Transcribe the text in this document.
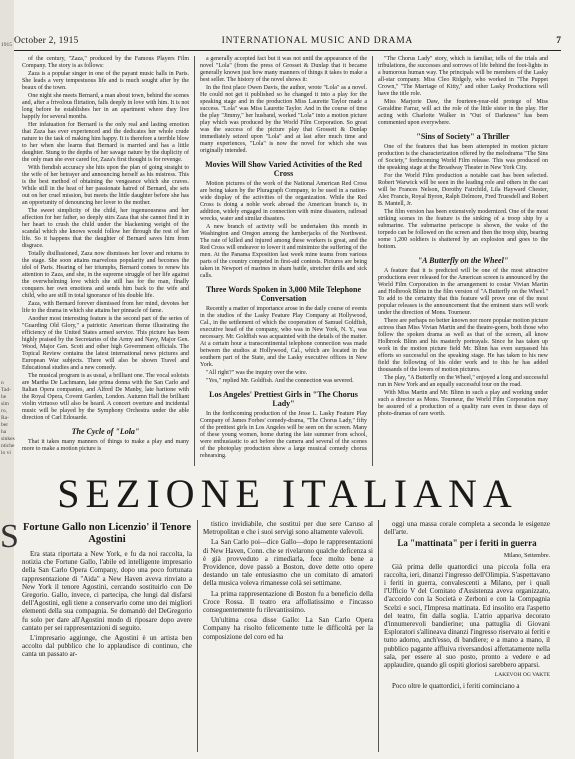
1915
n Tad-
he sim
ro, Ra-
ber ha
sinkes
ntiche
lo vi
S
October 2, 1915	INTERNATIONAL MUSIC AND DRAMA	7

of the century, "Zaza," produced by the Famous Players Film Company. The story is as follows:

Zaza is a popular singer in one of the payant music halls in Paris. She leads a very tempestuous life and is much sought after by the beaux of the town.

One night she meets Bernard, a man about town, behind the scenes and, after a frivolous flirtation, falls deeply in love with him. It is not long before he establishes her in an apartment where they live happily for several months.

Her infatuation for Bernard is the only real and lasting emotion that Zaza has ever experienced and the dedicates her whole crude nature to the task of making him happy. It is therefore a terrible blow to her when she learns that Bernard is married and has a little daughter. Stung to the depths of her savage nature by the duplicity of the only man she ever cared for, Zaza's first thought is for revenge.

With fiendish accuracy she hits upon the plan of going straight to the wife of her betrayer and announcing herself as his mistress. This is the best method of obtaining the vengeance which she craves. While still in the heat of her passionate hatred of Bernard, she sets out on her cruel mission, but meets the little daughter before she has an opportunity of denouncing her lover to the mother.

The sweet simplicity of the child, her ingenuousness and her affection for her father, so deeply stirs Zaza that she cannot find it in her heart to crush the child under the blackening weight of the scandal which she knows would follow her through the rest of her life. So it happens that the daughter of Bernard saves him from disgrace.

Totally disillusioned, Zaza now dismisses her lover and returns to the stage. She soon attains marvelous popularity and becomes the idol of Paris. Hearing of her triumphs, Bernard comes to renew his attention to Zaza, and she, in the supreme struggle of her life against the overwhelming love which she still has for the man, finally conquers her own emotions and sends him back to the wife and child, who are still in total ignorance of his double life.

Zaza, with Bernard forever dismissed from her mind, devotes her life to the drama in which she attains her pinnacle of fame.

Another most interesting feature is the second part of the series of "Guarding Old Glory," a patriotic American theme illustrating the efficiency of the United States armed service. This picture has been highly praised by the Secretaries of the Army and Navy, Major Gen. Wood, Major Gen. Scott and other high Government officials. The Topical Review contains the latest international news pictures and European War subjects. There will also be shown Travel and Educational studies and a new comedy.

The musical program is as usual, a brilliant one. The vocal soloists are Martha De Lachmann, late prima donna with the San Carlo and Italian Opera companies, and Alfred De Manby, late baritone with the Royal Opera, Covent Garden, London. Autumn Hall the brilliant violin virtuoso will also be heard. A concert overture and incidental music will be played by the Symphony Orchestra under the able direction of Carl Edouarde.

The Cycle of "Lola"

That it takes many manners of things to make a play and many more to make a motion picture is

a generally accepted fact but it was not until the appearance of the novel "Lola" (from the press of Grosset & Dunlap that it became generally known just how many manners of things it takes to make a best seller. The history of the novel shows it:

In the first place Owen Davis, the author, wrote "Lola" as a novel. He could not get it published so he changed it into a play for the speaking stage and in the production Miss Laurette Taylor made a success. "Lola" was Miss Laurette Taylor. And in the course of time the play "Jimmy," her husband, worked "Lola" into a motion picture play which was produced by the World Film Corporation. So great was the success of the picture play that Grossett & Dunlap immediately seized upon "Lola" and at last after much time and many experiences, "Lola" is now the novel for which she was originally intended.

Movies Will Show Varied Activities of the Red Cross

Motion pictures of the work of the National American Red Cross are being taken by the Pluragraph Company, to be used in a nation-wide display of the activities of the organization. While the Red Cross is doing a noble work abroad the American branch is, in addition, widely engaged in connection with mine disasters, railroad wrecks, water and similar disasters.

A new branch of activity will be undertaken this month in Washington and Oregon among the lumberjacks of the Northwest. The rate of killed and injured among these workers is great, and the Red Cross will endeavor to lower it and minimize the suffering of the men. At the Panama Exposition last week mine teams from various parts of the country competed in first-aid contests. Pictures are being taken in Newport of marines in sham battle, stretcher drills and sick calls.

Three Words Spoken in 3,000 Mile Telephone Conversation

Recently a matter of importance arose in the daily course of events in the studios of the Lasky Feature Play Company at Hollywood, Cal., in the settlement of which the cooperation of Samuel Goldfish, executive head of the company, who was in New York, N. Y., was necessary. Mr. Goldfish was acquainted with the details of the matter. At a certain hour a transcontinental telephone connection was made between the studios at Hollywood, Cal., which are located in the southern part of the State, and the Lasky executive offices in New York.

"All right?" was the inquiry over the wire.

"Yes," replied Mr. Goldfish. And the connection was severed.

Los Angeles' Prettiest Girls in "The Chorus Lady"

In the forthcoming production of the Jesse L. Lasky Feature Play Company of James Forbes' comedy-drama, "The Chorus Lady," fifty of the prettiest girls in Los Angeles will be seen on the screen. Many of these young women, home during the late summer from school, were enthusiastic to act before the camera and several of the scenes of the photoplay production show a large musical comedy chorus rehearsing.

"The Chorus Lady" story, which is familiar, tells of the trials and tribulations, the successes and sorrows of life behind the foot-lights in a humorous human way. The principals will be members of the Lasky all-star company. Miss Cleo Ridgely, who worked in "The Puppet Crown," "The Marriage of Kitty," and other Lasky Productions will have the title role.

Miss Marjorie Daw, the fourteen-year-old protege of Miss Geraldine Farrar, will act the role of the little sister in the play. Her acting with Charlotte Walker in "Out of Darkness" has been commented upon everywhere.

"Sins of Society" a Thriller

One of the features that has been attempted in motion picture production is the characterization offered by the melodrama "The Sins of Society," forthcoming World Film release. This was produced on the speaking stage at the Broadway Theater in New York City.

For the World Film production a notable cast has been selected. Robert Warwick will be seen in the leading role and others in the cast will be Frances Nelson, Dorothy Fairchild, Lila Hayward Chester, Alec Francis, Royal Byron, Ralph Delmore, Fred Truesdell and Robert B. Mantell, Jr.

The film version has been extensively modernized. One of the most striking scenes in the feature is the sinking of a troop ship by a submarine. The submarine periscope is shown, the wake of the torpedo can be followed on the screen and then the troop ship, bearing some 1,200 soldiers is shattered by an explosion and goes to the bottom.

"A Butterfly on the Wheel"

A feature that it is predicted will be one of the most attractive productions ever released for the American screen is announced by the World Film Corporation in the arrangement to costar Vivian Martin and Holbrook Blinn in the film version of "A Butterfly on the Wheel." To add to the certainty that this feature will prove one of the most popular releases is the announcement that the eminent stars will work under the direction of Mons. Tourneur.

There are perhaps no better known nor more popular motion picture actress than Miss Vivian Martin and the theatre-goers, both those who follow the spoken drama as well as that of the screen, all know Holbrook Blinn and his masterly portrayals. Since he has taken up work in the motion picture field Mr. Blinn has even surpassed his efforts so successful on the speaking stage. He has taken to his new field the following of his older work and to this he has added thousands of the lovers of motion pictures.

The play, "A Butterfly on the Wheel," enjoyed a long and successful run in New York and an equally successful tour on the road.

With Miss Martin and Mr. Blinn in such a play and working under such a director as Mons. Tourneur, the World Film Corporation may be assured of a production of a quality rare even in these days of photo-dramas of rare worth.

SEZIONE ITALIANA
Fortune Gallo non Licenzio' il Tenore Agostini

Era stata riportata a New York, e fu da noi raccolta, la notizia che Fortune Gallo, l'abile ed intelligente impresario della San Carlo Opera Company, dopo una poco fortunata rappresentazione di "Aida" a New Haven aveva rinviato a New York il tenore Agostini, cercando sostituirlo con De Gregorio. Gallo, invece, ci partecipa, che lungi dal disfarsi dell'Agostini, egli tiene a conservarlo come uno dei migliori elementi della sua compagnia. Se domandò del DeGregorio fu solo per dare all'Agostini modo di riposare dopo avere cantato per sei rappresentazioni di seguito.

L'impresario aggiunge, che Agostini è un artista ben accolto dal pubblico che lo applaudisce di continuo, che canta un passato ar-

tistico invidiabile, che sostitui per due sere Caruso al Metropolitan e che i suoi servigi sono altamente valevoli.

La San Carlo poi—dice Gallo—dopo le rappresentazioni di New Haven, Conn. che se rivelarono qualche deficenza si è già provveduto a rimediarla, fece molto bene a Providence, dove passò a Boston, dove dette otto opere destando un tale entusiasmo che un comitato di amatori della musica voleva rimanesse colà sei settimane.

La prima rappresentazione di Boston fu a beneficio della Croce Rossa. Il teatro era affollatissimo e l'incasso conseguentemente fu rilevantissimo.

Un'ultima cosa disse Gallo: La San Carlo Opera Company ha risolto felicemente tutte le difficoltà per la composizione del coro ed ha

oggi una massa corale completa a seconda le esigenze dell'arte.

La "mattinata" per i feriti in guerra
Milano, Settembre.

Già prima delle quattordici una piccola folla era raccolta, ieri, dinanzi l'ingresso dell'Olimpia. S'aspettavano i feriti in guerra, convalescenti a Milano, per i quali l'Ufficio V del Comitato d'Assistenza aveva organizzato, d'accordo con la Società e Zerboni e con la Compagnia Scelzi e soci, l'Impresa mattinata. Ed insolito era l'aspetto del teatro, fin dalla soglia. L'atrio appariva decorato d'innumerevoli bandierine; una pattuglia di Giovani Esploratori s'allineava dinanzi l'ingresso riservato ai feriti e tutto adorno, anch'esso, di bandiere; e a mano a mano, il pubblico pagante affluiva riversandosi affettatamente nella sala, per essere al suo posto, pronto a vedere e ad applaudire, quando gli ospiti gloriosi sarebbero apparsi.

LAKEVOH OG VAKTE

Poco oltre le quattordici, i feriti cominciano a
